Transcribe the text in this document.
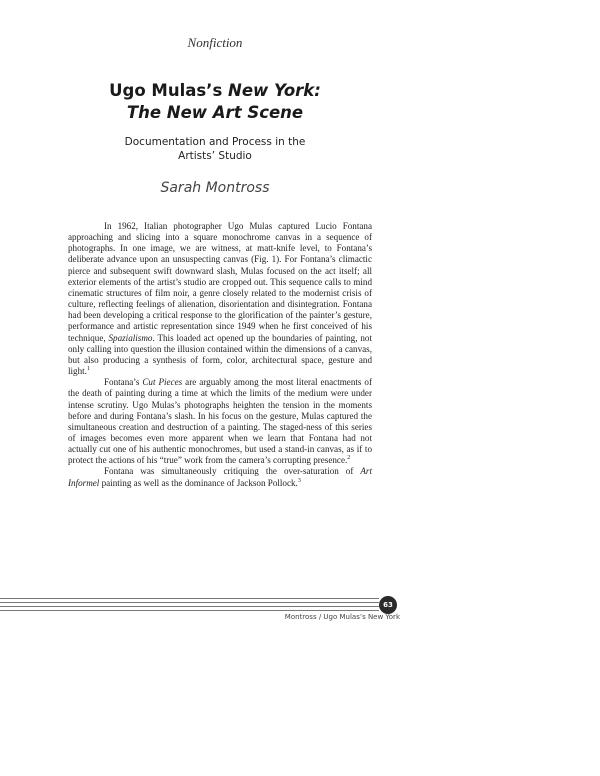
Nonfiction
Ugo Mulas’s New York:
The New Art Scene
Documentation and Process in the Artists’ Studio
Sarah Montross

In 1962, Italian photographer Ugo Mulas captured Lucio Fontana approaching and slicing into a square monochrome canvas in a sequence of photographs. In one image, we are witness, at matt-knife level, to Fontana’s deliberate advance upon an unsuspecting canvas (Fig. 1). For Fontana’s climactic pierce and subsequent swift downward slash, Mulas focused on the act itself; all exterior elements of the artist’s studio are cropped out. This sequence calls to mind cinematic structures of film noir, a genre closely related to the modernist crisis of culture, reflecting feelings of alienation, disorientation and disintegration. Fontana had been developing a critical response to the glorification of the painter’s gesture, performance and artistic representation since 1949 when he first conceived of his technique, Spazialismo. This loaded act opened up the boundaries of painting, not only calling into question the illusion contained within the dimensions of a canvas, but also producing a synthesis of form, color, architectural space, gesture and light.$^1$

Fontana’s Cut Pieces are arguably among the most literal enactments of the death of painting during a time at which the limits of the medium were under intense scrutiny. Ugo Mulas’s photographs heighten the tension in the moments before and during Fontana’s slash. In his focus on the gesture, Mulas captured the simultaneous creation and destruction of a painting. The staged-ness of this series of images becomes even more apparent when we learn that Fontana had not actually cut one of his authentic monochromes, but used a stand-in canvas, as if to protect the actions of his “true” work from the camera’s corrupting presence.$^2$

Fontana was simultaneously critiquing the over-saturation of Art Informel painting as well as the dominance of Jackson Pollock.$^3$

63
Montross / Ugo Mulas’s New York
